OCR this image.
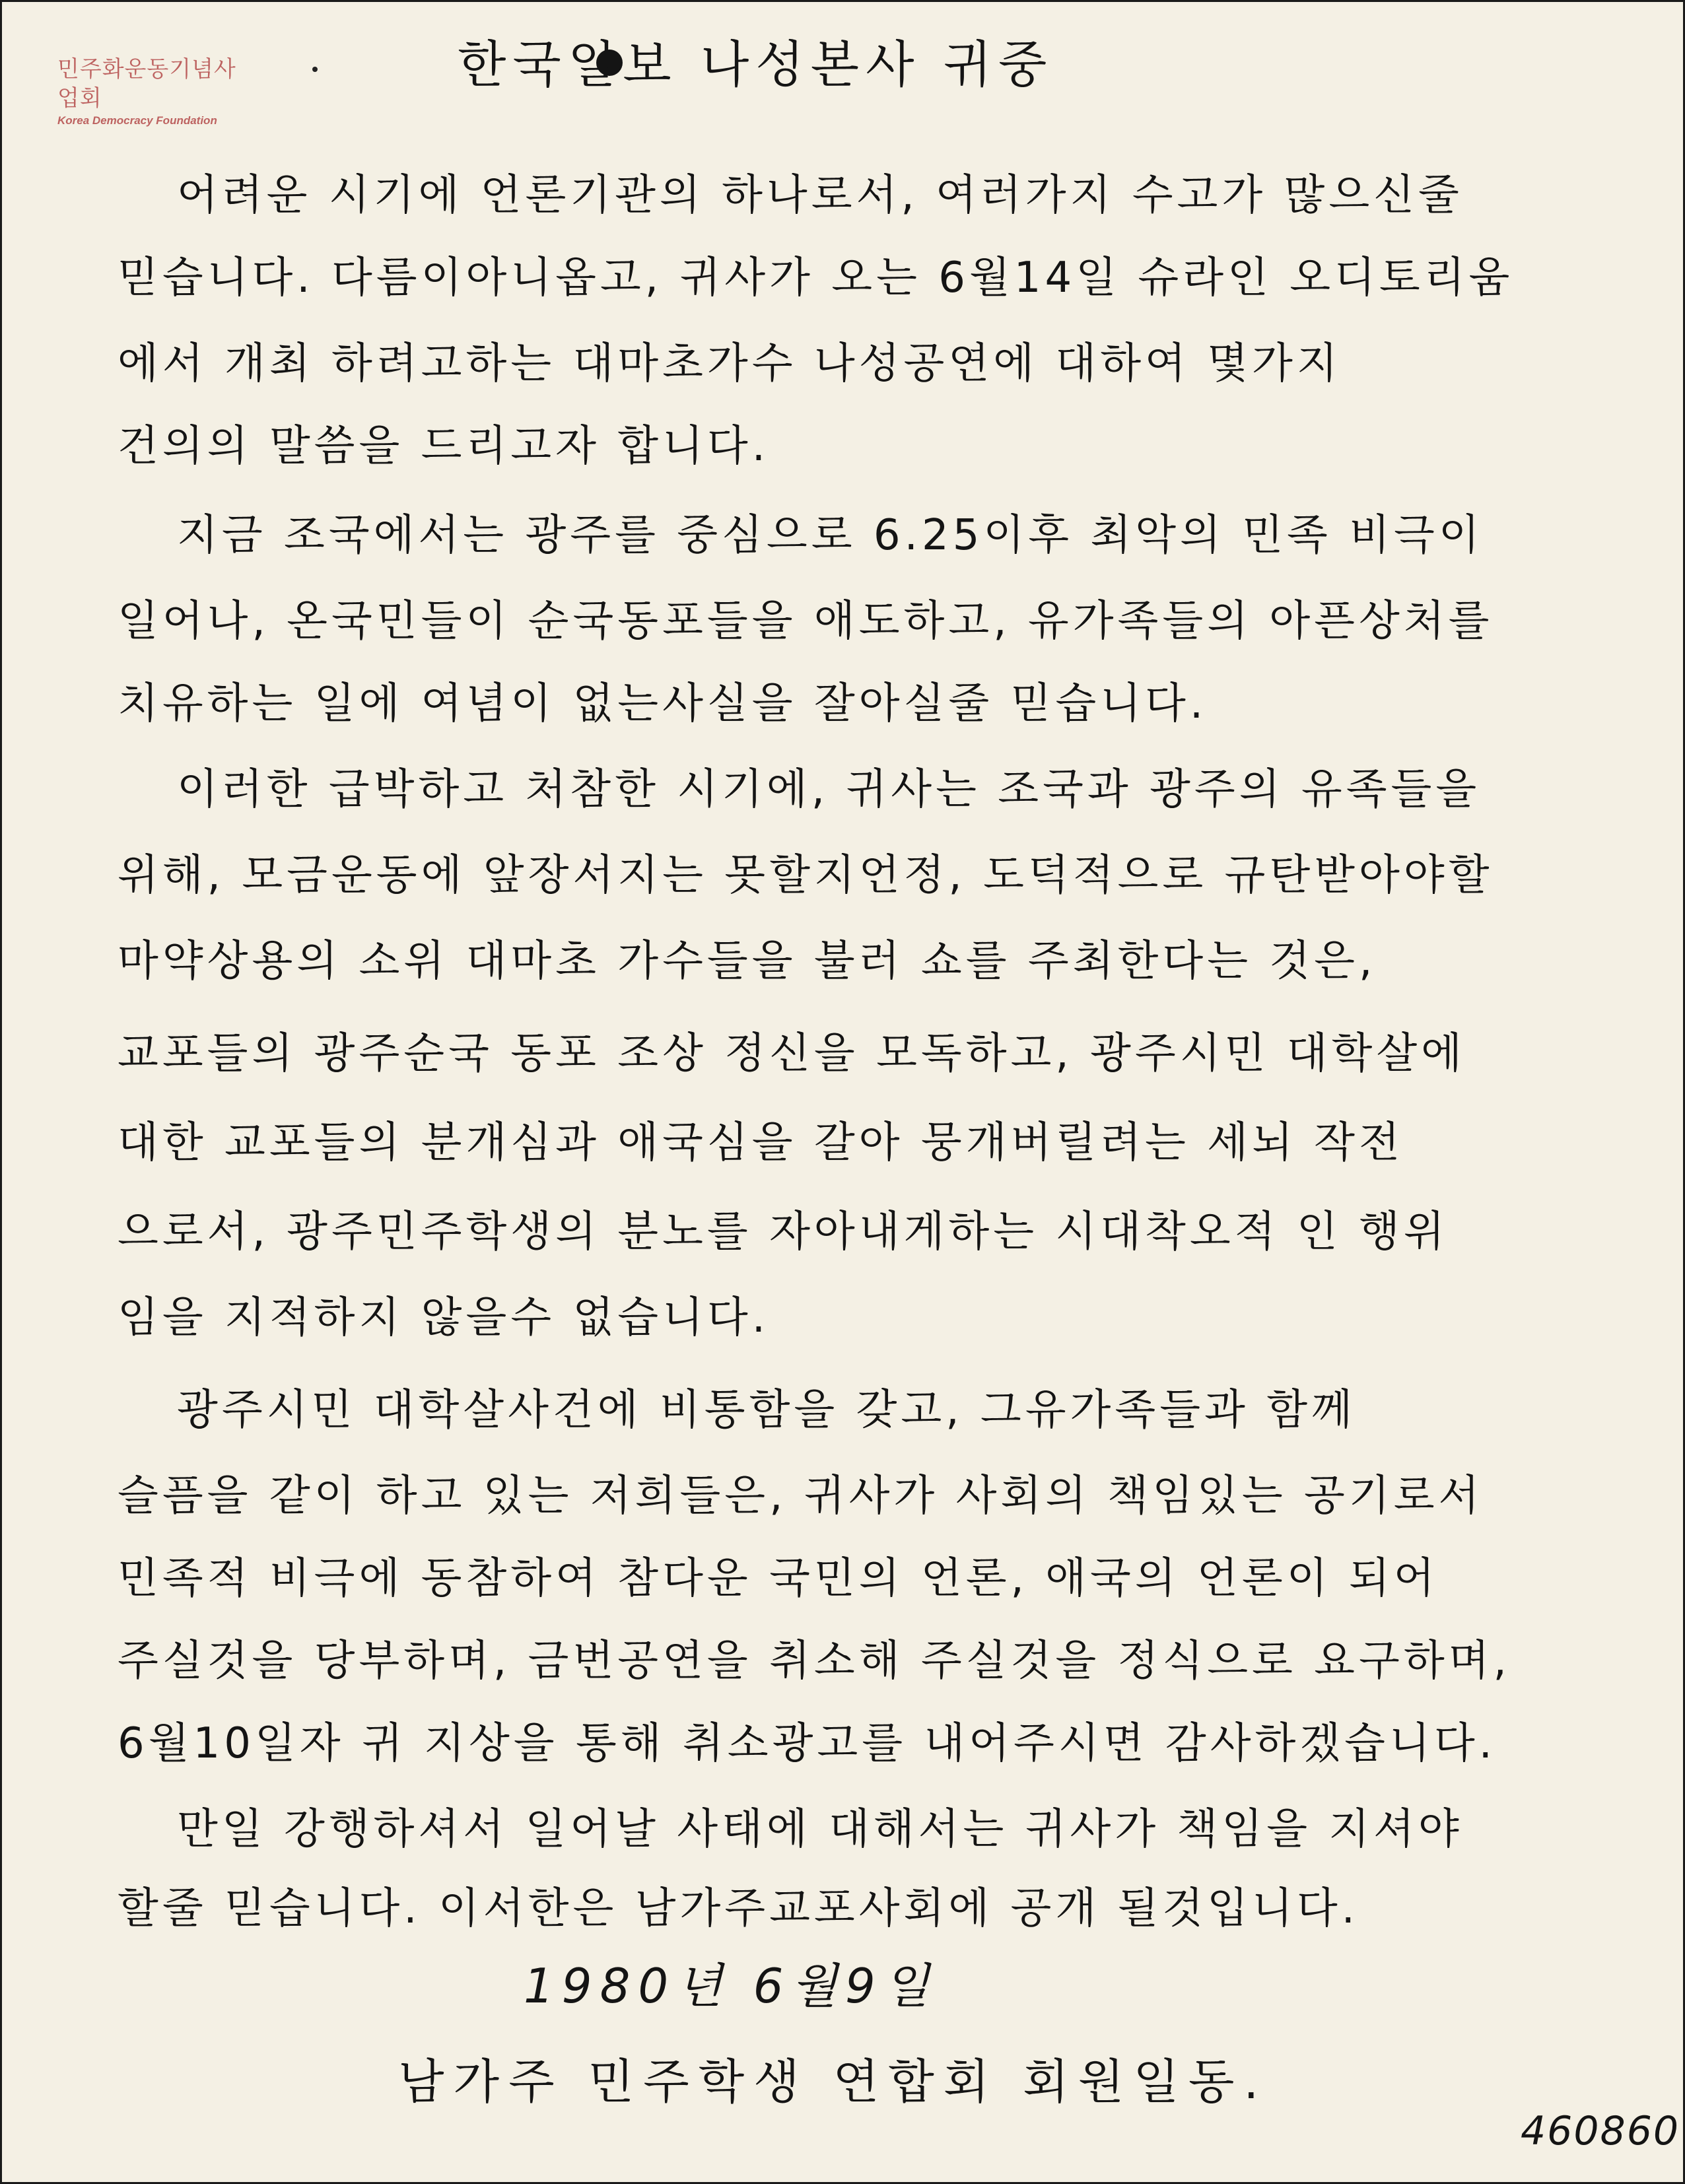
민주화운동기념사업회
Korea Democracy Foundation
한국일보 나성본사 귀중
어려운 시기에 언론기관의 하나로서, 여러가지 수고가 많으신줄
믿습니다. 다름이아니옵고, 귀사가 오는 6월14일 슈라인 오디토리움
에서 개최 하려고하는 대마초가수 나성공연에 대하여 몇가지
건의의 말씀을 드리고자 합니다.
지금 조국에서는 광주를 중심으로 6.25이후 최악의 민족 비극이
일어나, 온국민들이 순국동포들을 애도하고, 유가족들의 아픈상처를
치유하는 일에 여념이 없는사실을 잘아실줄 믿습니다.
이러한 급박하고 처참한 시기에, 귀사는 조국과 광주의 유족들을
위해, 모금운동에 앞장서지는 못할지언정, 도덕적으로 규탄받아야할
마약상용의 소위 대마초 가수들을 불러 쇼를 주최한다는 것은,
교포들의 광주순국 동포 조상 정신을 모독하고, 광주시민 대학살에
대한 교포들의 분개심과 애국심을 갈아 뭉개버릴려는 세뇌 작전
으로서, 광주민주학생의 분노를 자아내게하는 시대착오적 인 행위
임을 지적하지 않을수 없습니다.
광주시민 대학살사건에 비통함을 갖고, 그유가족들과 함께
슬픔을 같이 하고 있는 저희들은, 귀사가 사회의 책임있는 공기로서
민족적 비극에 동참하여 참다운 국민의 언론, 애국의 언론이 되어
주실것을 당부하며, 금번공연을 취소해 주실것을 정식으로 요구하며,
6월10일자 귀 지상을 통해 취소광고를 내어주시면 감사하겠습니다.
만일 강행하셔서 일어날 사태에 대해서는 귀사가 책임을 지셔야
할줄 믿습니다. 이서한은 남가주교포사회에 공개 될것입니다.
1980년 6월9일
남가주 민주학생 연합회 회원일동.
460860
